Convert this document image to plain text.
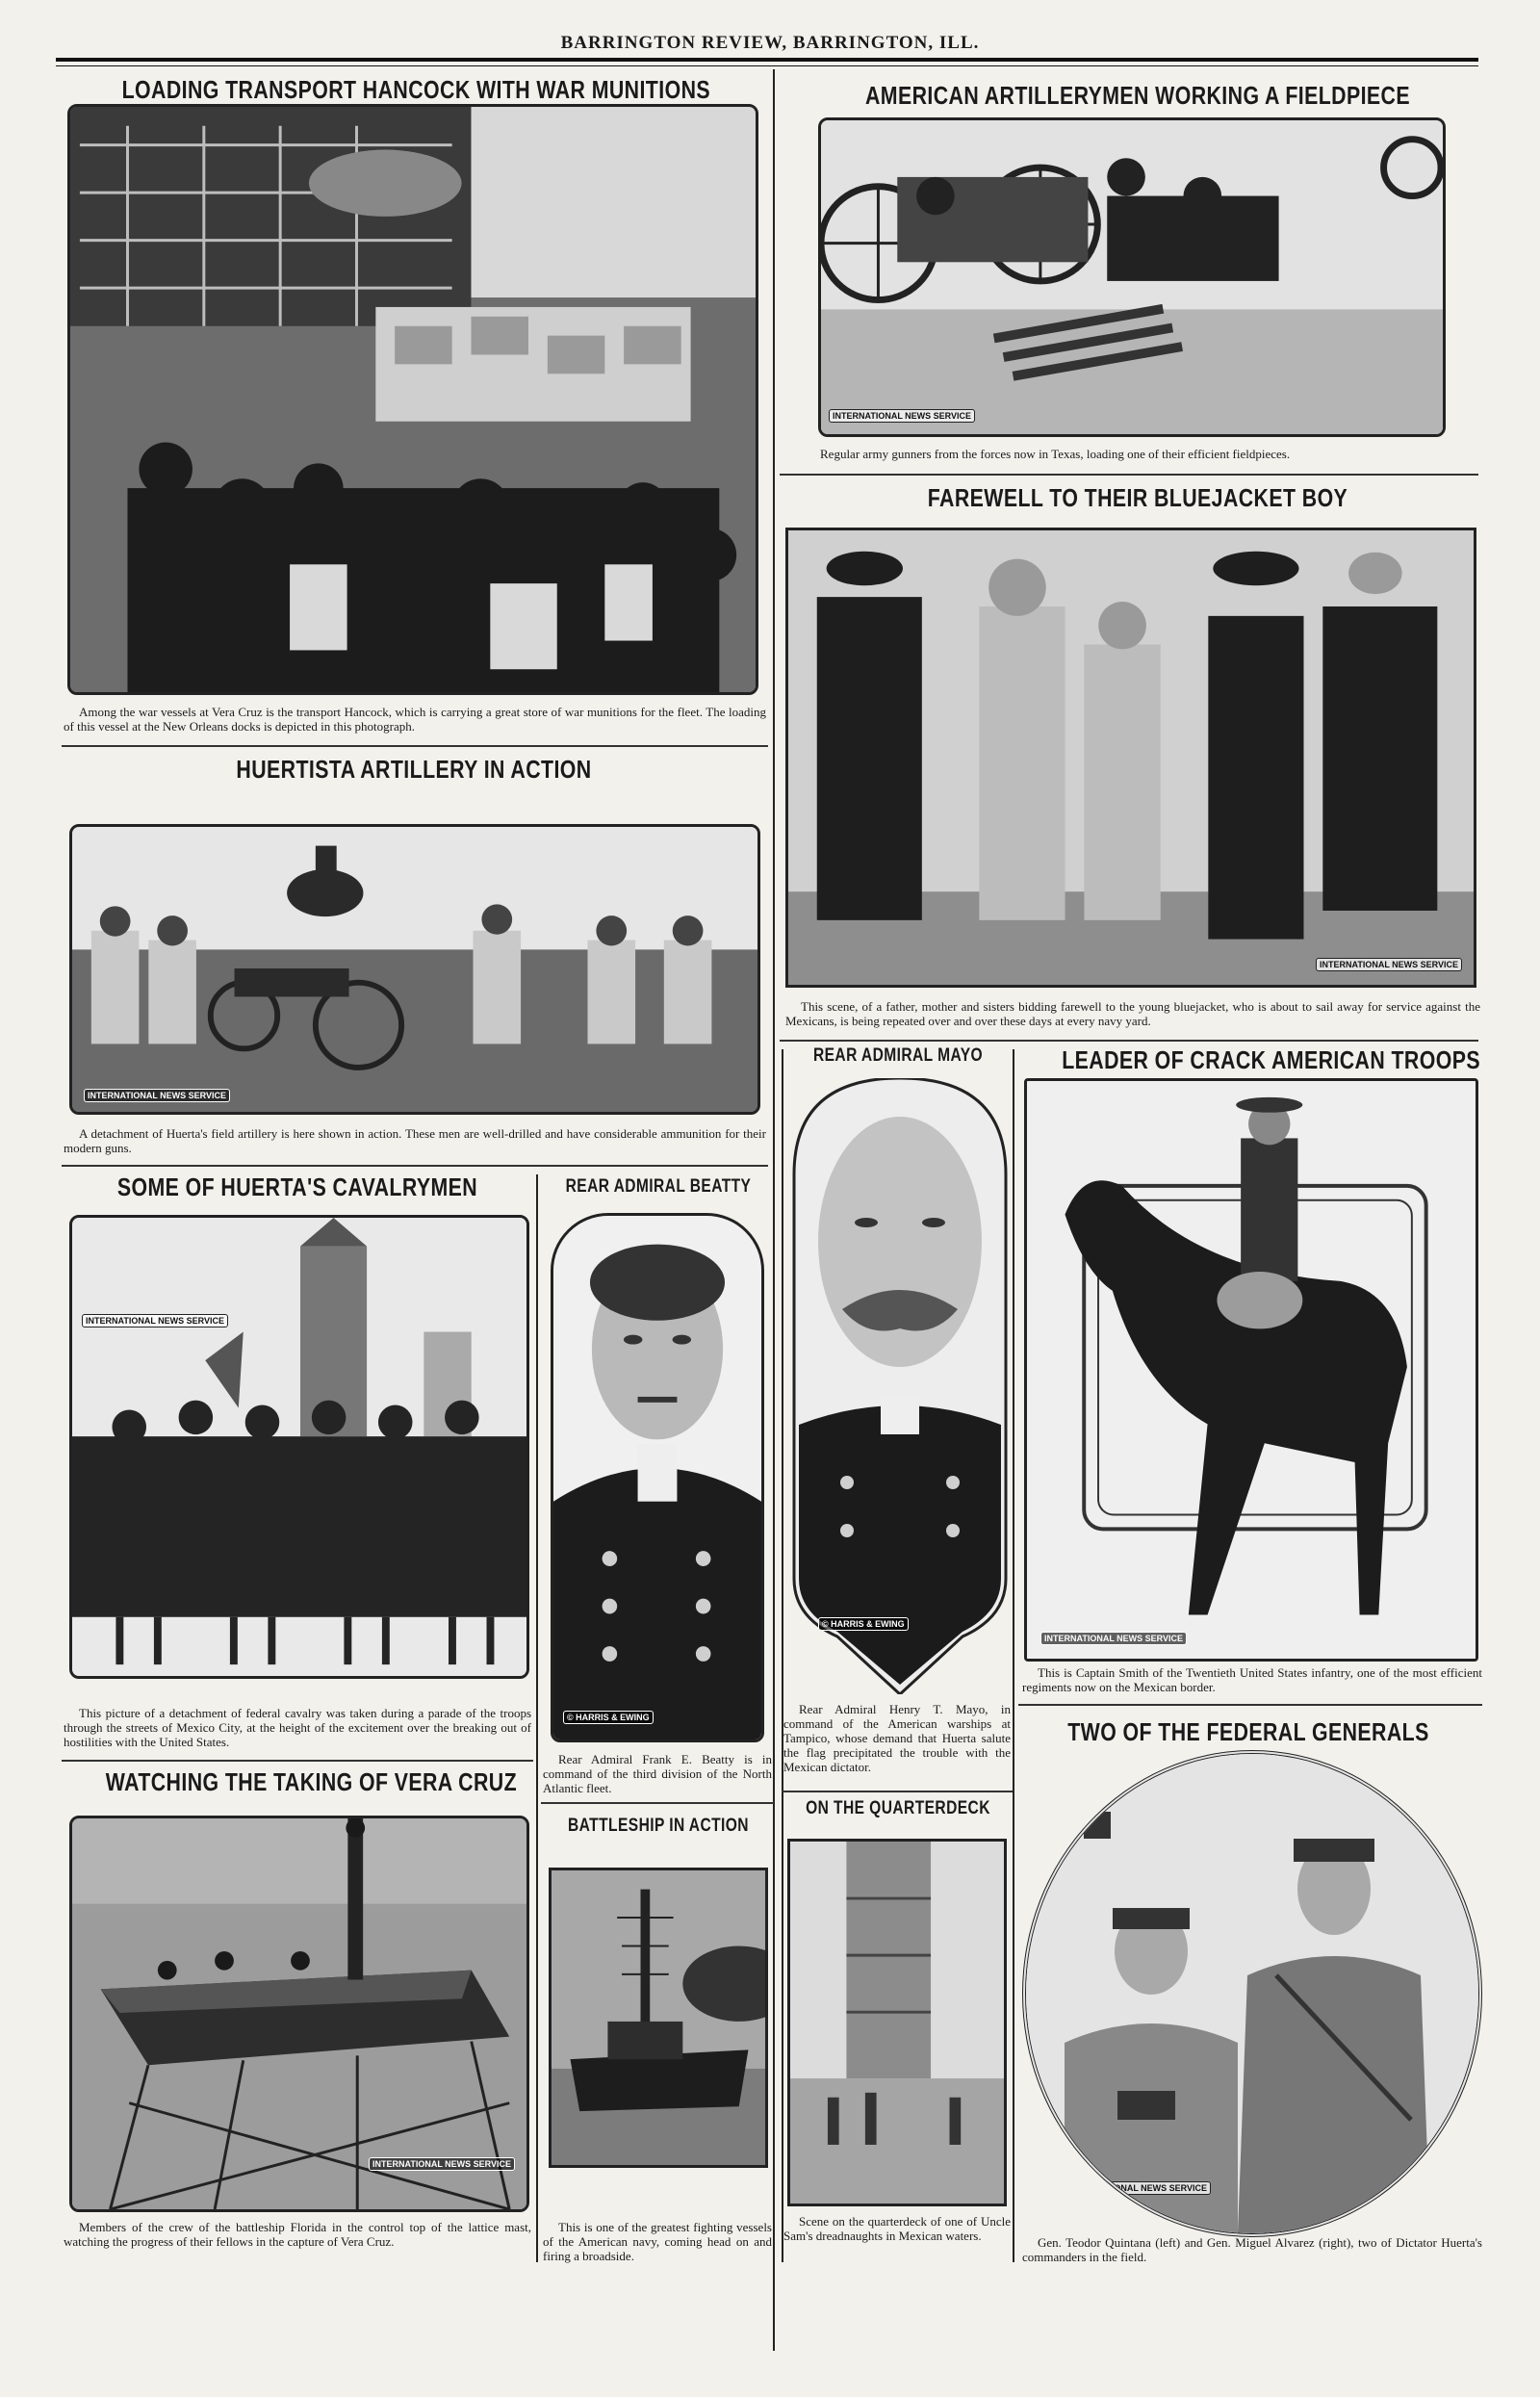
BARRINGTON REVIEW, BARRINGTON, ILL.
LOADING TRANSPORT HANCOCK WITH WAR MUNITIONS
Among the war vessels at Vera Cruz is the transport Hancock, which is carrying a great store of war munitions for the fleet. The loading of this vessel at the New Orleans docks is depicted in this photograph.
HUERTISTA ARTILLERY IN ACTION
INTERNATIONAL NEWS SERVICE
A detachment of Huerta's field artillery is here shown in action. These men are well-drilled and have considerable ammunition for their modern guns.
SOME OF HUERTA'S CAVALRYMEN
INTERNATIONAL NEWS SERVICE
This picture of a detachment of federal cavalry was taken during a parade of the troops through the streets of Mexico City, at the height of the excitement over the breaking out of hostilities with the United States.
WATCHING THE TAKING OF VERA CRUZ
INTERNATIONAL NEWS SERVICE
Members of the crew of the battleship Florida in the control top of the lattice mast, watching the progress of their fellows in the capture of Vera Cruz.
REAR ADMIRAL BEATTY
© HARRIS & EWING
Rear Admiral Frank E. Beatty is in command of the third division of the North Atlantic fleet.
BATTLESHIP IN ACTION
This is one of the greatest fighting vessels of the American navy, coming head on and firing a broadside.
AMERICAN ARTILLERYMEN WORKING A FIELDPIECE
INTERNATIONAL NEWS SERVICE
Regular army gunners from the forces now in Texas, loading one of their efficient fieldpieces.
FAREWELL TO THEIR BLUEJACKET BOY
INTERNATIONAL NEWS SERVICE
This scene, of a father, mother and sisters bidding farewell to the young bluejacket, who is about to sail away for service against the Mexicans, is being repeated over and over these days at every navy yard.
REAR ADMIRAL MAYO
© HARRIS & EWING
Rear Admiral Henry T. Mayo, in command of the American warships at Tampico, whose demand that Huerta salute the flag precipitated the trouble with the Mexican dictator.
ON THE QUARTERDECK
Scene on the quarterdeck of one of Uncle Sam's dreadnaughts in Mexican waters.
LEADER OF CRACK AMERICAN TROOPS
INTERNATIONAL NEWS SERVICE
This is Captain Smith of the Twentieth United States infantry, one of the most efficient regiments now on the Mexican border.
TWO OF THE FEDERAL GENERALS
INTERNATIONAL NEWS SERVICE
Gen. Teodor Quintana (left) and Gen. Miguel Alvarez (right), two of Dictator Huerta's commanders in the field.
